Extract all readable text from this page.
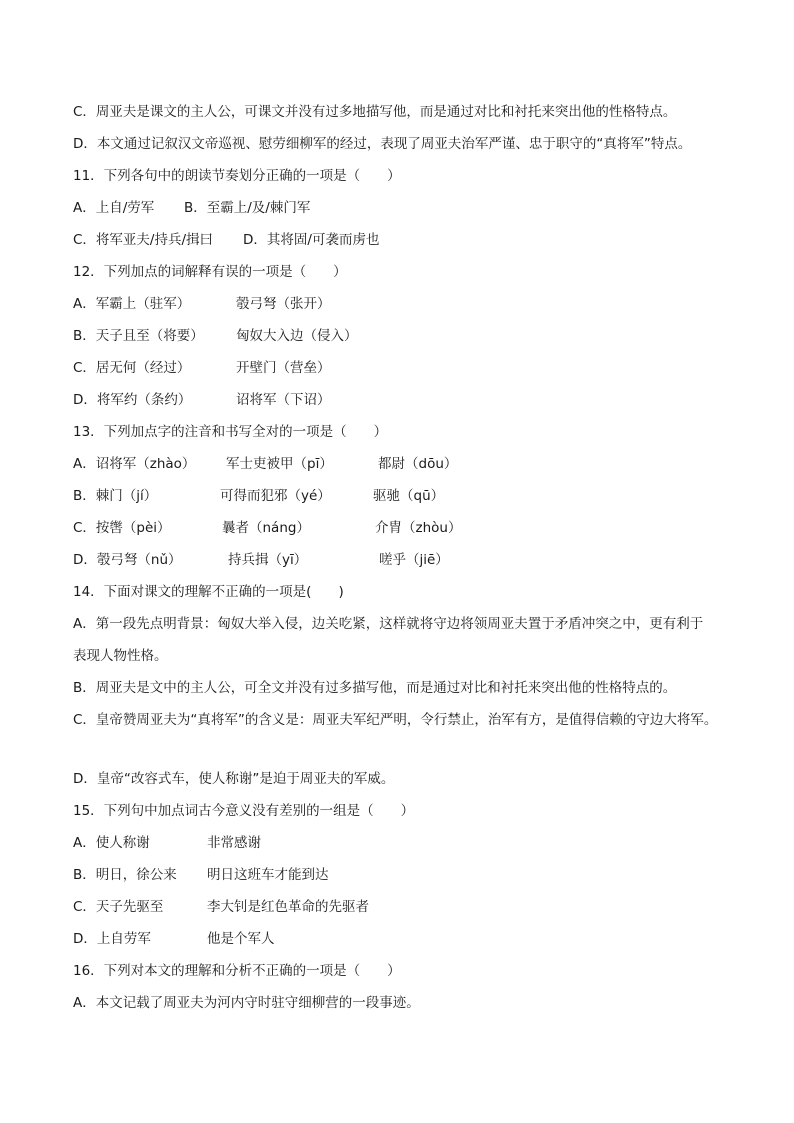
C．周亚夫是课文的主人公，可课文并没有过多地描写他，而是通过对比和衬托来突出他的性格特点。
D．本文通过记叙汉文帝巡视、慰劳细柳军的经过，表现了周亚夫治军严谨、忠于职守的“真将军”特点。
11．下列各句中的朗读节奏划分正确的一项是（　　）
A．上自/劳军 B．至霸上/及/棘门军
C．将军亚夫/持兵/揖曰 D．其将固/可袭而虏也
12．下列加点的词解释有误的一项是（　　）
A．军霸上（驻军）	彀弓弩（张开）
B．天子且至（将要） 匈奴大入边（侵入）
C．居无何（经过）	开壁门（营垒）
D．将军约（条约）	诏将军（下诏）
13．下列加点字的注音和书写全对的一项是（　　）
A．诏将军（zhào） 军士吏被甲（pī）	都尉（dōu）
B．棘门（jí）	可得而犯邪（yé）	驱驰（qū）
C．按辔（pèi）	曩者（náng）	介胄（zhòu）
D．彀弓弩（nǔ）	持兵揖（yī）	嗟乎（jiē）
14．下面对课文的理解不正确的一项是(　　)
A．第一段先点明背景：匈奴大举入侵，边关吃紧，这样就将守边将领周亚夫置于矛盾冲突之中，更有利于
表现人物性格。
B．周亚夫是文中的主人公，可全文并没有过多描写他，而是通过对比和衬托来突出他的性格特点的。
C．皇帝赞周亚夫为“真将军”的含义是：周亚夫军纪严明，令行禁止，治军有方，是值得信赖的守边大将军。
D．皇帝“改容式车，使人称谢”是迫于周亚夫的军威。
15．下列句中加点词古今意义没有差别的一组是（　　）
A．使人称谢	非常感谢
B．明日，徐公来 明日这班车才能到达
C．天子先驱至	李大钊是红色革命的先驱者
D．上自劳军	他是个军人
16．下列对本文的理解和分析不正确的一项是（　　）
A．本文记载了周亚夫为河内守时驻守细柳营的一段事迹。
